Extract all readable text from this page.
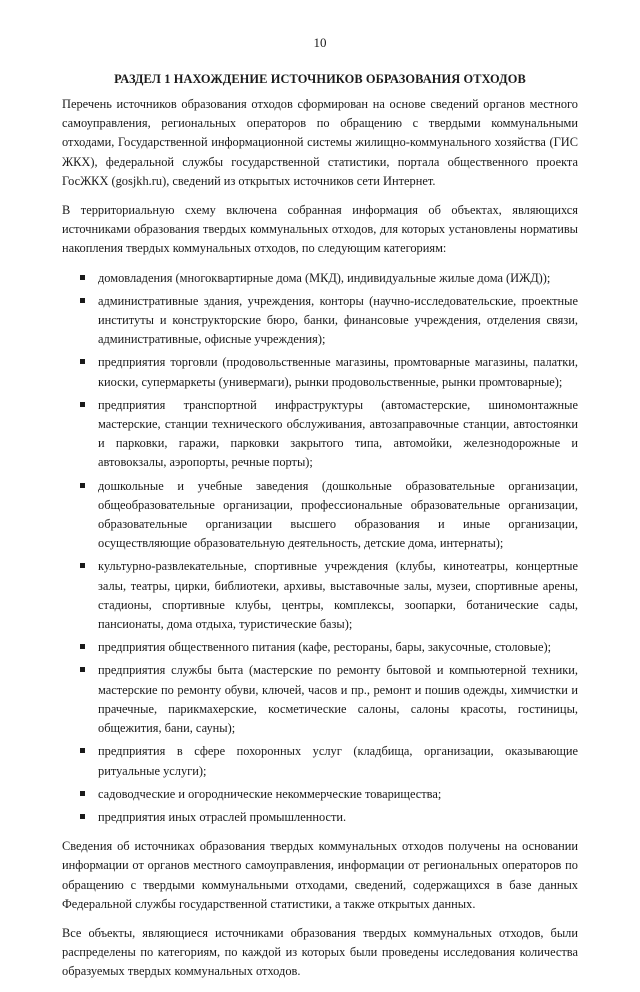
10
РАЗДЕЛ 1 НАХОЖДЕНИЕ ИСТОЧНИКОВ ОБРАЗОВАНИЯ ОТХОДОВ

Перечень источников образования отходов сформирован на основе сведений органов местного самоуправления, региональных операторов по обращению с твердыми коммунальными отходами, Государственной информационной системы жилищно-коммунального хозяйства (ГИС ЖКХ), федеральной службы государственной статистики, портала общественного проекта ГосЖКХ (gosjkh.ru), сведений из открытых источников сети Интернет.

В территориальную схему включена собранная информация об объектах, являющихся источниками образования твердых коммунальных отходов, для которых установлены нормативы накопления твердых коммунальных отходов, по следующим категориям:

домовладения (многоквартирные дома (МКД), индивидуальные жилые дома (ИЖД));
административные здания, учреждения, конторы (научно-исследовательские, проектные институты и конструкторские бюро, банки, финансовые учреждения, отделения связи, административные, офисные учреждения);
предприятия торговли (продовольственные магазины, промтоварные магазины, палатки, киоски, супермаркеты (универмаги), рынки продовольственные, рынки промтоварные);
предприятия транспортной инфраструктуры (автомастерские, шиномонтажные мастерские, станции технического обслуживания, автозаправочные станции, автостоянки и парковки, гаражи, парковки закрытого типа, автомойки, железнодорожные и автовокзалы, аэропорты, речные порты);
дошкольные и учебные заведения (дошкольные образовательные организации, общеобразовательные организации, профессиональные образовательные организации, образовательные организации высшего образования и иные организации, осуществляющие образовательную деятельность, детские дома, интернаты);
культурно-развлекательные, спортивные учреждения (клубы, кинотеатры, концертные залы, театры, цирки, библиотеки, архивы, выставочные залы, музеи, спортивные арены, стадионы, спортивные клубы, центры, комплексы, зоопарки, ботанические сады, пансионаты, дома отдыха, туристические базы);
предприятия общественного питания (кафе, рестораны, бары, закусочные, столовые);
предприятия службы быта (мастерские по ремонту бытовой и компьютерной техники, мастерские по ремонту обуви, ключей, часов и пр., ремонт и пошив одежды, химчистки и прачечные, парикмахерские, косметические салоны, салоны красоты, гостиницы, общежития, бани, сауны);
предприятия в сфере похоронных услуг (кладбища, организации, оказывающие ритуальные услуги);
садоводческие и огороднические некоммерческие товарищества;
предприятия иных отраслей промышленности.

Сведения об источниках образования твердых коммунальных отходов получены на основании информации от органов местного самоуправления, информации от региональных операторов по обращению с твердыми коммунальными отходами, сведений, содержащихся в базе данных Федеральной службы государственной статистики, а также открытых данных.

Все объекты, являющиеся источниками образования твердых коммунальных отходов, были распределены по категориям, по каждой из которых были проведены исследования количества образуемых твердых коммунальных отходов.
